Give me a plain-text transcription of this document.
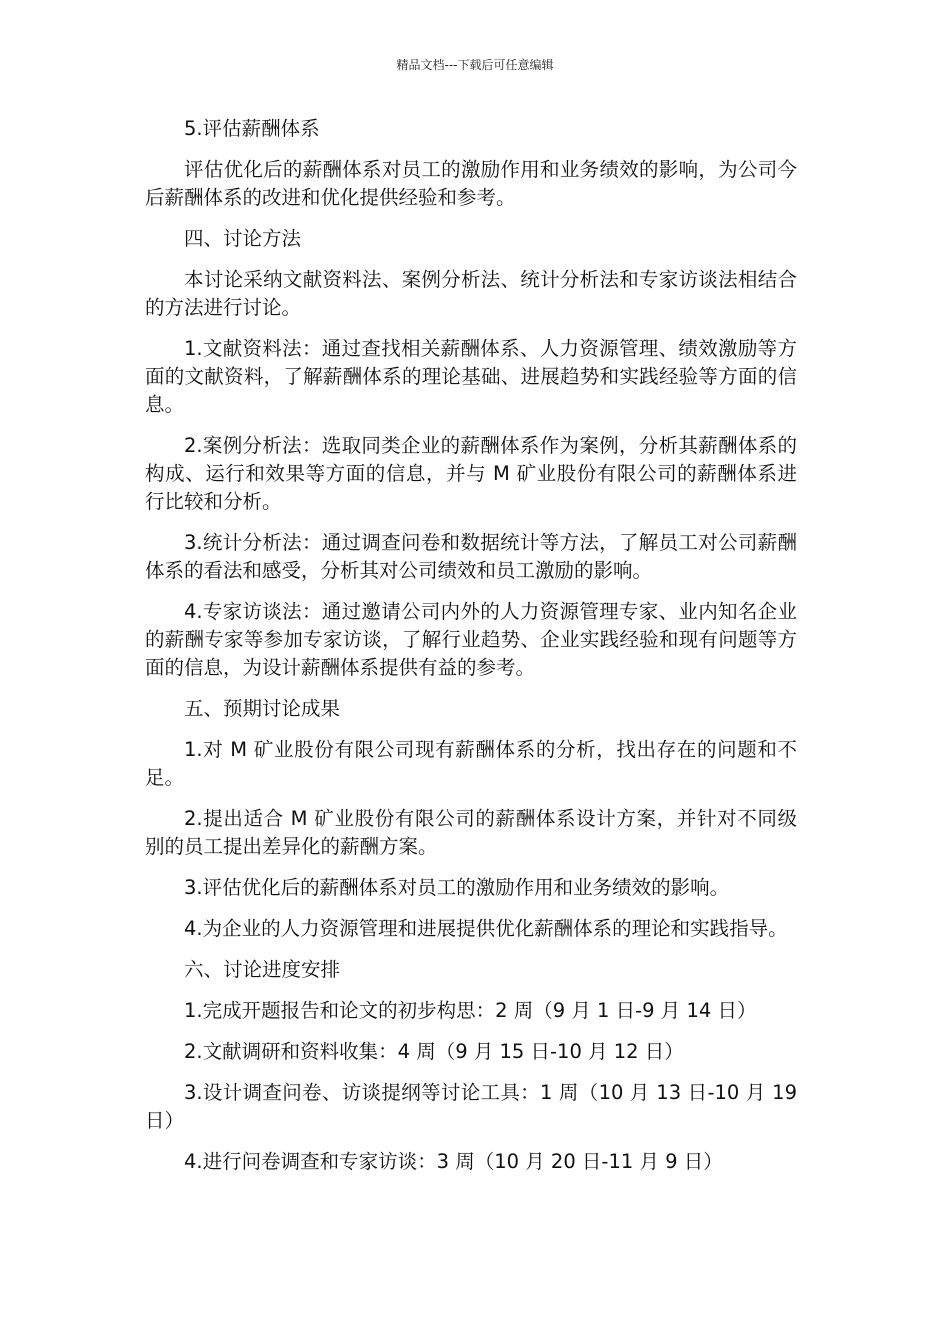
精品文档---下载后可任意编辑

5.评估薪酬体系

评估优化后的薪酬体系对员工的激励作用和业务绩效的影响，为公司今后薪酬体系的改进和优化提供经验和参考。

四、讨论方法

本讨论采纳文献资料法、案例分析法、统计分析法和专家访谈法相结合的方法进行讨论。

1.文献资料法：通过查找相关薪酬体系、人力资源管理、绩效激励等方面的文献资料，了解薪酬体系的理论基础、进展趋势和实践经验等方面的信息。

2.案例分析法：选取同类企业的薪酬体系作为案例，分析其薪酬体系的构成、运行和效果等方面的信息，并与 M 矿业股份有限公司的薪酬体系进行比较和分析。

3.统计分析法：通过调查问卷和数据统计等方法，了解员工对公司薪酬体系的看法和感受，分析其对公司绩效和员工激励的影响。

4.专家访谈法：通过邀请公司内外的人力资源管理专家、业内知名企业的薪酬专家等参加专家访谈，了解行业趋势、企业实践经验和现有问题等方面的信息，为设计薪酬体系提供有益的参考。

五、预期讨论成果

1.对 M 矿业股份有限公司现有薪酬体系的分析，找出存在的问题和不足。

2.提出适合 M 矿业股份有限公司的薪酬体系设计方案，并针对不同级别的员工提出差异化的薪酬方案。

3.评估优化后的薪酬体系对员工的激励作用和业务绩效的影响。

4.为企业的人力资源管理和进展提供优化薪酬体系的理论和实践指导。

六、讨论进度安排

1.完成开题报告和论文的初步构思：2 周（9 月 1 日-9 月 14 日）

2.文献调研和资料收集：4 周（9 月 15 日-10 月 12 日）

3.设计调查问卷、访谈提纲等讨论工具：1 周（10 月 13 日-10 月 19 日）

4.进行问卷调查和专家访谈：3 周（10 月 20 日-11 月 9 日）
